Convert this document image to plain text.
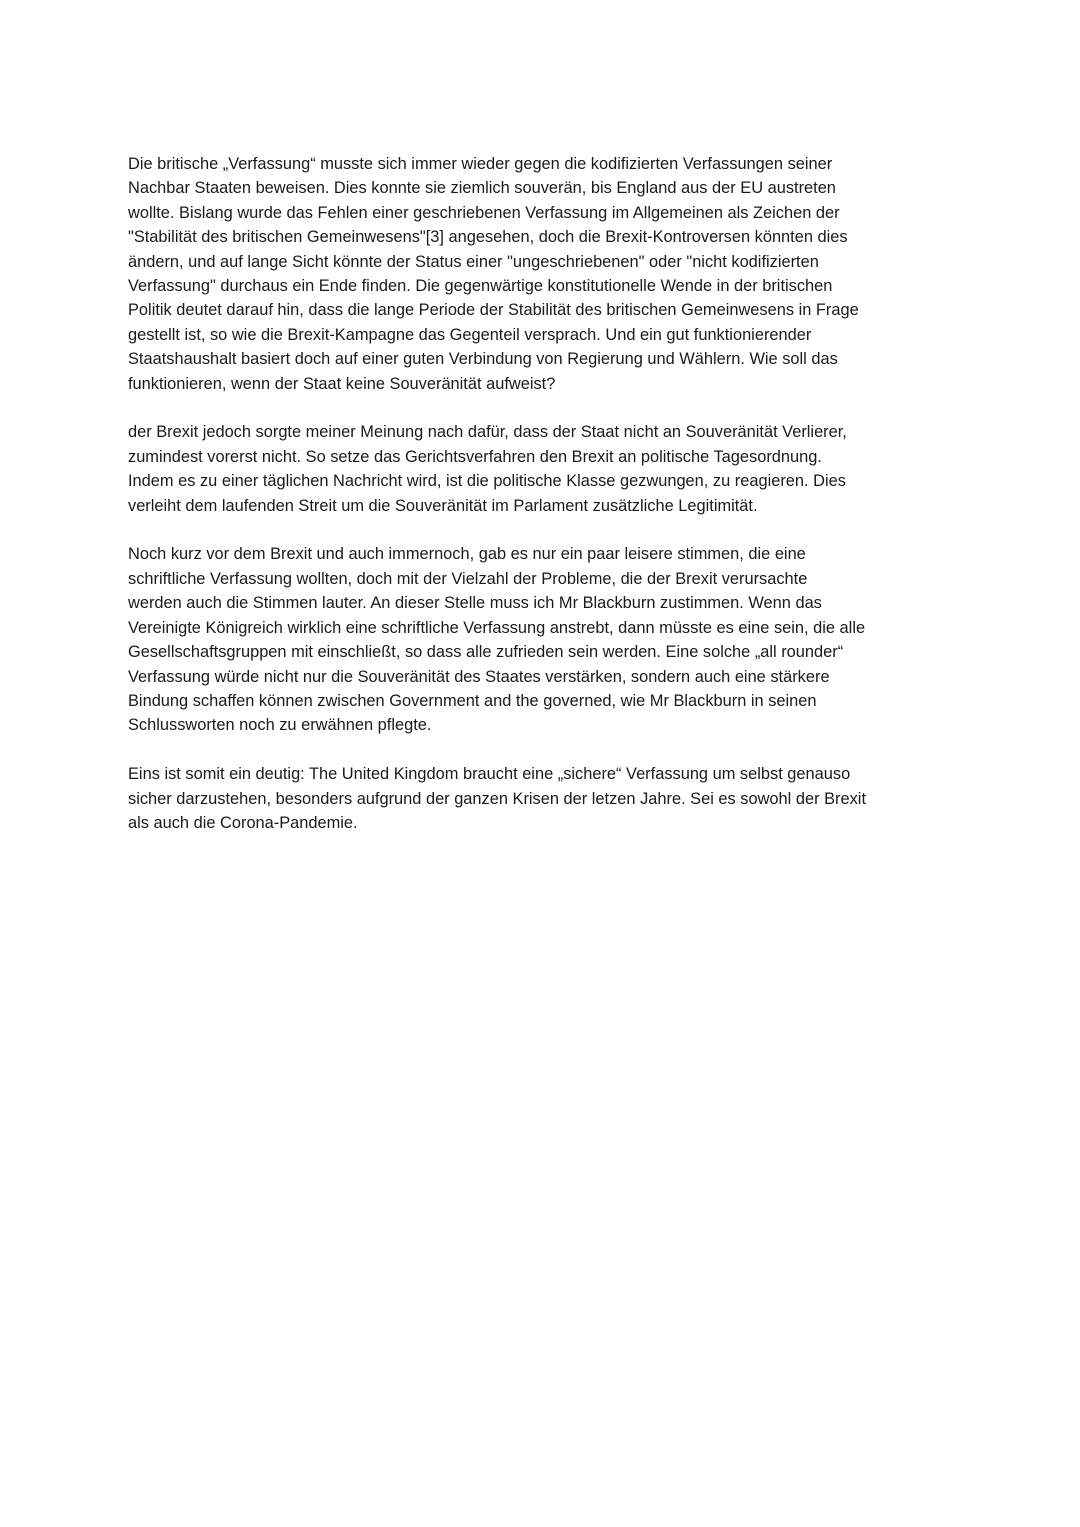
Die britische „Verfassung“ musste sich immer wieder gegen die kodifizierten Verfassungen seiner
Nachbar Staaten beweisen. Dies konnte sie ziemlich souverän, bis England aus der EU austreten
wollte. Bislang wurde das Fehlen einer geschriebenen Verfassung im Allgemeinen als Zeichen der
"Stabilität des britischen Gemeinwesens"[3] angesehen, doch die Brexit-Kontroversen könnten dies
ändern, und auf lange Sicht könnte der Status einer "ungeschriebenen" oder "nicht kodifizierten
Verfassung" durchaus ein Ende finden. Die gegenwärtige konstitutionelle Wende in der britischen
Politik deutet darauf hin, dass die lange Periode der Stabilität des britischen Gemeinwesens in Frage
gestellt ist, so wie die Brexit-Kampagne das Gegenteil versprach. Und ein gut funktionierender
Staatshaushalt basiert doch auf einer guten Verbindung von Regierung und Wählern. Wie soll das
funktionieren, wenn der Staat keine Souveränität aufweist?

der Brexit jedoch sorgte meiner Meinung nach dafür, dass der Staat nicht an Souveränität Verlierer,
zumindest vorerst nicht. So setze das Gerichtsverfahren den Brexit an politische Tagesordnung.
Indem es zu einer täglichen Nachricht wird, ist die politische Klasse gezwungen, zu reagieren. Dies
verleiht dem laufenden Streit um die Souveränität im Parlament zusätzliche Legitimität.

Noch kurz vor dem Brexit und auch immernoch, gab es nur ein paar leisere stimmen, die eine
schriftliche Verfassung wollten, doch mit der Vielzahl der Probleme, die der Brexit verursachte
werden auch die Stimmen lauter. An dieser Stelle muss ich Mr Blackburn zustimmen. Wenn das
Vereinigte Königreich wirklich eine schriftliche Verfassung anstrebt, dann müsste es eine sein, die alle
Gesellschaftsgruppen mit einschließt, so dass alle zufrieden sein werden. Eine solche „all rounder“
Verfassung würde nicht nur die Souveränität des Staates verstärken, sondern auch eine stärkere
Bindung schaffen können zwischen Government and the governed, wie Mr Blackburn in seinen
Schlussworten noch zu erwähnen pflegte.

Eins ist somit ein deutig: The United Kingdom braucht eine „sichere“ Verfassung um selbst genauso
sicher darzustehen, besonders aufgrund der ganzen Krisen der letzen Jahre. Sei es sowohl der Brexit
als auch die Corona-Pandemie.
